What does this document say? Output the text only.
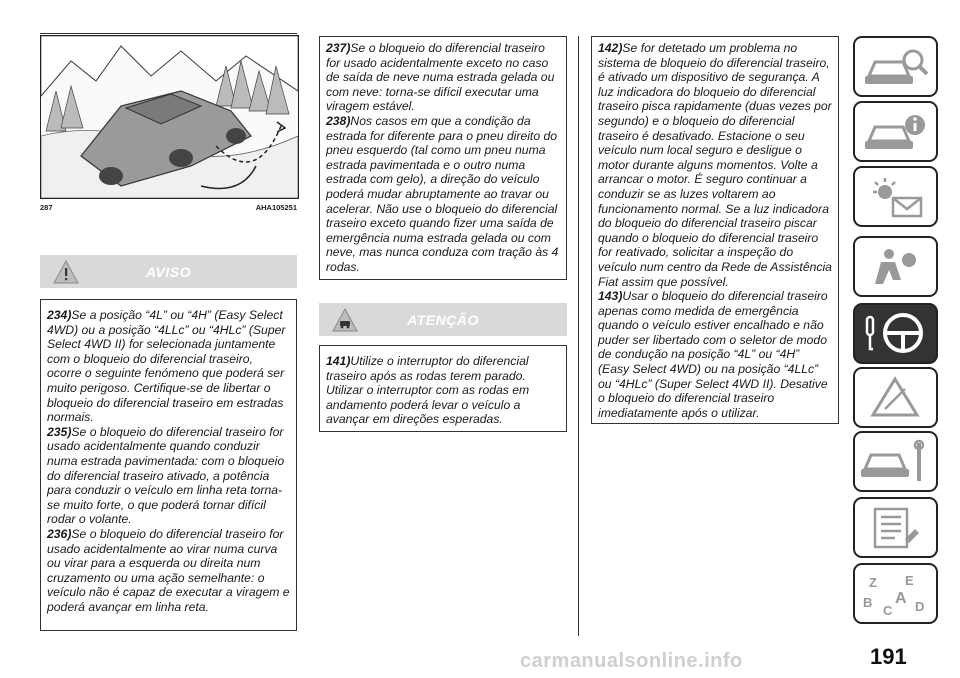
287	AHA105251
AVISO

234)Se a posição “4L” ou “4H” (Easy Select 4WD) ou a posição “4LLc” ou “4HLc” (Super Select 4WD II) for selecionada juntamente com o bloqueio do diferencial traseiro, ocorre o seguinte fenómeno que poderá ser muito perigoso. Certifique-se de libertar o bloqueio do diferencial traseiro em estradas normais.

235)Se o bloqueio do diferencial traseiro for usado acidentalmente quando conduzir numa estrada pavimentada: com o bloqueio do diferencial traseiro ativado, a potência para conduzir o veículo em linha reta torna-se muito forte, o que poderá tornar difícil rodar o volante.

236)Se o bloqueio do diferencial traseiro for usado acidentalmente ao virar numa curva ou virar para a esquerda ou direita num cruzamento ou uma ação semelhante: o veículo não é capaz de executar a viragem e poderá avançar em linha reta.

237)Se o bloqueio do diferencial traseiro for usado acidentalmente exceto no caso de saída de neve numa estrada gelada ou com neve: torna-se difícil executar uma viragem estável.

238)Nos casos em que a condição da estrada for diferente para o pneu direito do pneu esquerdo (tal como um pneu numa estrada pavimentada e o outro numa estrada com gelo), a direção do veículo poderá mudar abruptamente ao travar ou acelerar. Não use o bloqueio do diferencial traseiro exceto quando fizer uma saída de emergência numa estrada gelada ou com neve, mas nunca conduza com tração às 4 rodas.

ATENÇÃO

141)Utilize o interruptor do diferencial traseiro após as rodas terem parado. Utilizar o interruptor com as rodas em andamento poderá levar o veículo a avançar em direções esperadas.

142)Se for detetado um problema no sistema de bloqueio do diferencial traseiro, é ativado um dispositivo de segurança. A luz indicadora do bloqueio do diferencial traseiro pisca rapidamente (duas vezes por segundo) e o bloqueio do diferencial traseiro é desativado. Estacione o seu veículo num local seguro e desligue o motor durante alguns momentos. Volte a arrancar o motor. É seguro continuar a conduzir se as luzes voltarem ao funcionamento normal. Se a luz indicadora do bloqueio do diferencial traseiro piscar quando o bloqueio do diferencial traseiro for reativado, solicitar a inspeção do veículo num centro da Rede de Assistência Fiat assim que possível.

143)Usar o bloqueio do diferencial traseiro apenas como medida de emergência quando o veículo estiver encalhado e não puder ser libertado com o seletor de modo de condução na posição “4L” ou “4H” (Easy Select 4WD) ou na posição “4LLc” ou “4HLc” (Super Select 4WD II). Desative o bloqueio do diferencial traseiro imediatamente após o utilizar.

Z E
B
C
A D
191
carmanualsonline.info
